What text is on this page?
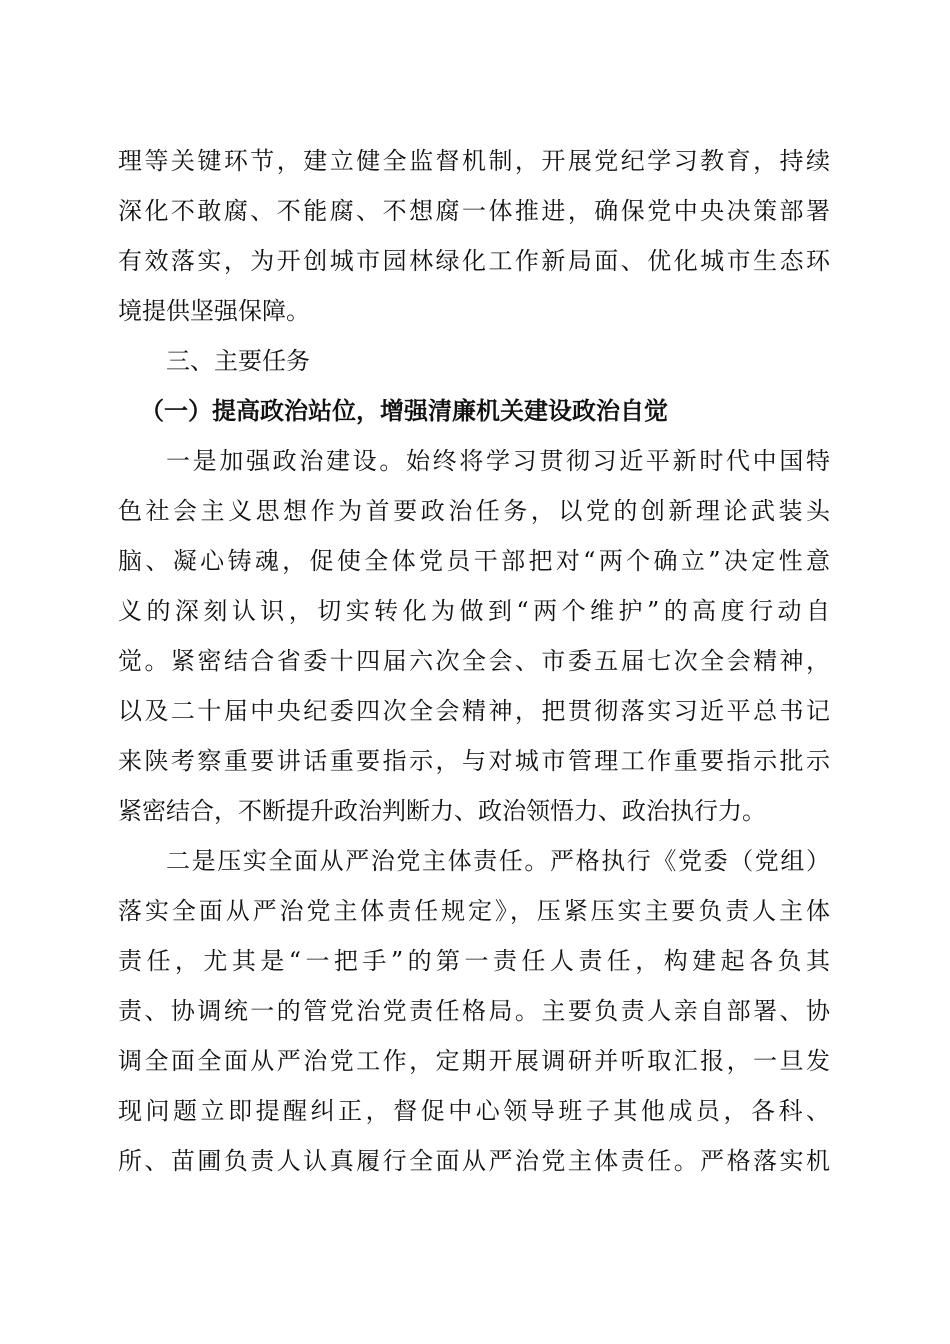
理等关键环节，建立健全监督机制，开展党纪学习教育，持续
深化不敢腐、不能腐、不想腐一体推进，确保党中央决策部署
有效落实，为开创城市园林绿化工作新局面、优化城市生态环
境提供坚强保障。
三、主要任务
（一）提高政治站位，增强清廉机关建设政治自觉
一是加强政治建设。始终将学习贯彻习近平新时代中国特
色社会主义思想作为首要政治任务，以党的创新理论武装头
脑、凝心铸魂，促使全体党员干部把对“两个确立”决定性意
义的深刻认识，切实转化为做到“两个维护”的高度行动自
觉。紧密结合省委十四届六次全会、市委五届七次全会精神，
以及二十届中央纪委四次全会精神，把贯彻落实习近平总书记
来陕考察重要讲话重要指示，与对城市管理工作重要指示批示
紧密结合，不断提升政治判断力、政治领悟力、政治执行力。
二是压实全面从严治党主体责任。严格执行《党委（党组）
落实全面从严治党主体责任规定》，压紧压实主要负责人主体
责任，尤其是“一把手”的第一责任人责任，构建起各负其
责、协调统一的管党治党责任格局。主要负责人亲自部署、协
调全面全面从严治党工作，定期开展调研并听取汇报，一旦发
现问题立即提醒纠正，督促中心领导班子其他成员，各科、
所、苗圃负责人认真履行全面从严治党主体责任。严格落实机
